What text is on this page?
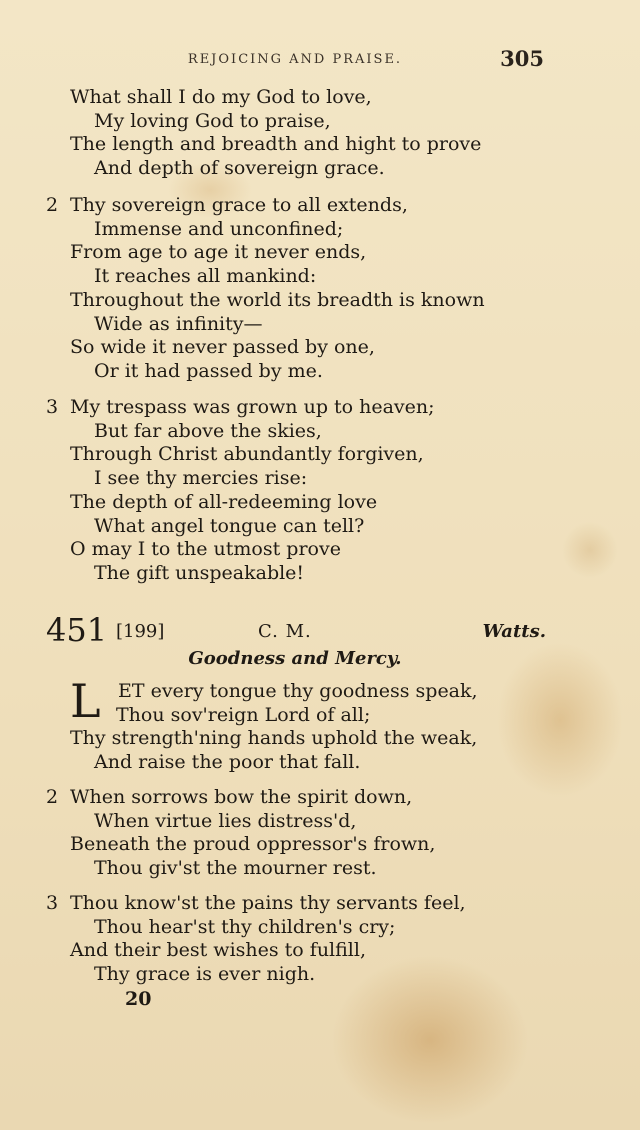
REJOICING AND PRAISE.	305
What shall I do my God to love,
My loving God to praise,
The length and breadth and hight to prove
And depth of sovereign grace.
2 Thy sovereign grace to all extends,
Immense and unconfined;
From age to age it never ends,
It reaches all mankind:
Throughout the world its breadth is known
Wide as infinity—
So wide it never passed by one,
Or it had passed by me.
3 My trespass was grown up to heaven;
But far above the skies,
Through Christ abundantly forgiven,
I see thy mercies rise:
The depth of all-redeeming love
What angel tongue can tell?
O may I to the utmost prove
The gift unspeakable!
451 [199]	C. M.	Watts.
Goodness and Mercy.
L ET every tongue thy goodness speak,
Thou sov'reign Lord of all;
Thy strength'ning hands uphold the weak,
And raise the poor that fall.
2 When sorrows bow the spirit down,
When virtue lies distress'd,
Beneath the proud oppressor's frown,
Thou giv'st the mourner rest.
3 Thou know'st the pains thy servants feel,
Thou hear'st thy children's cry;
And their best wishes to fulfill,
Thy grace is ever nigh.
20
